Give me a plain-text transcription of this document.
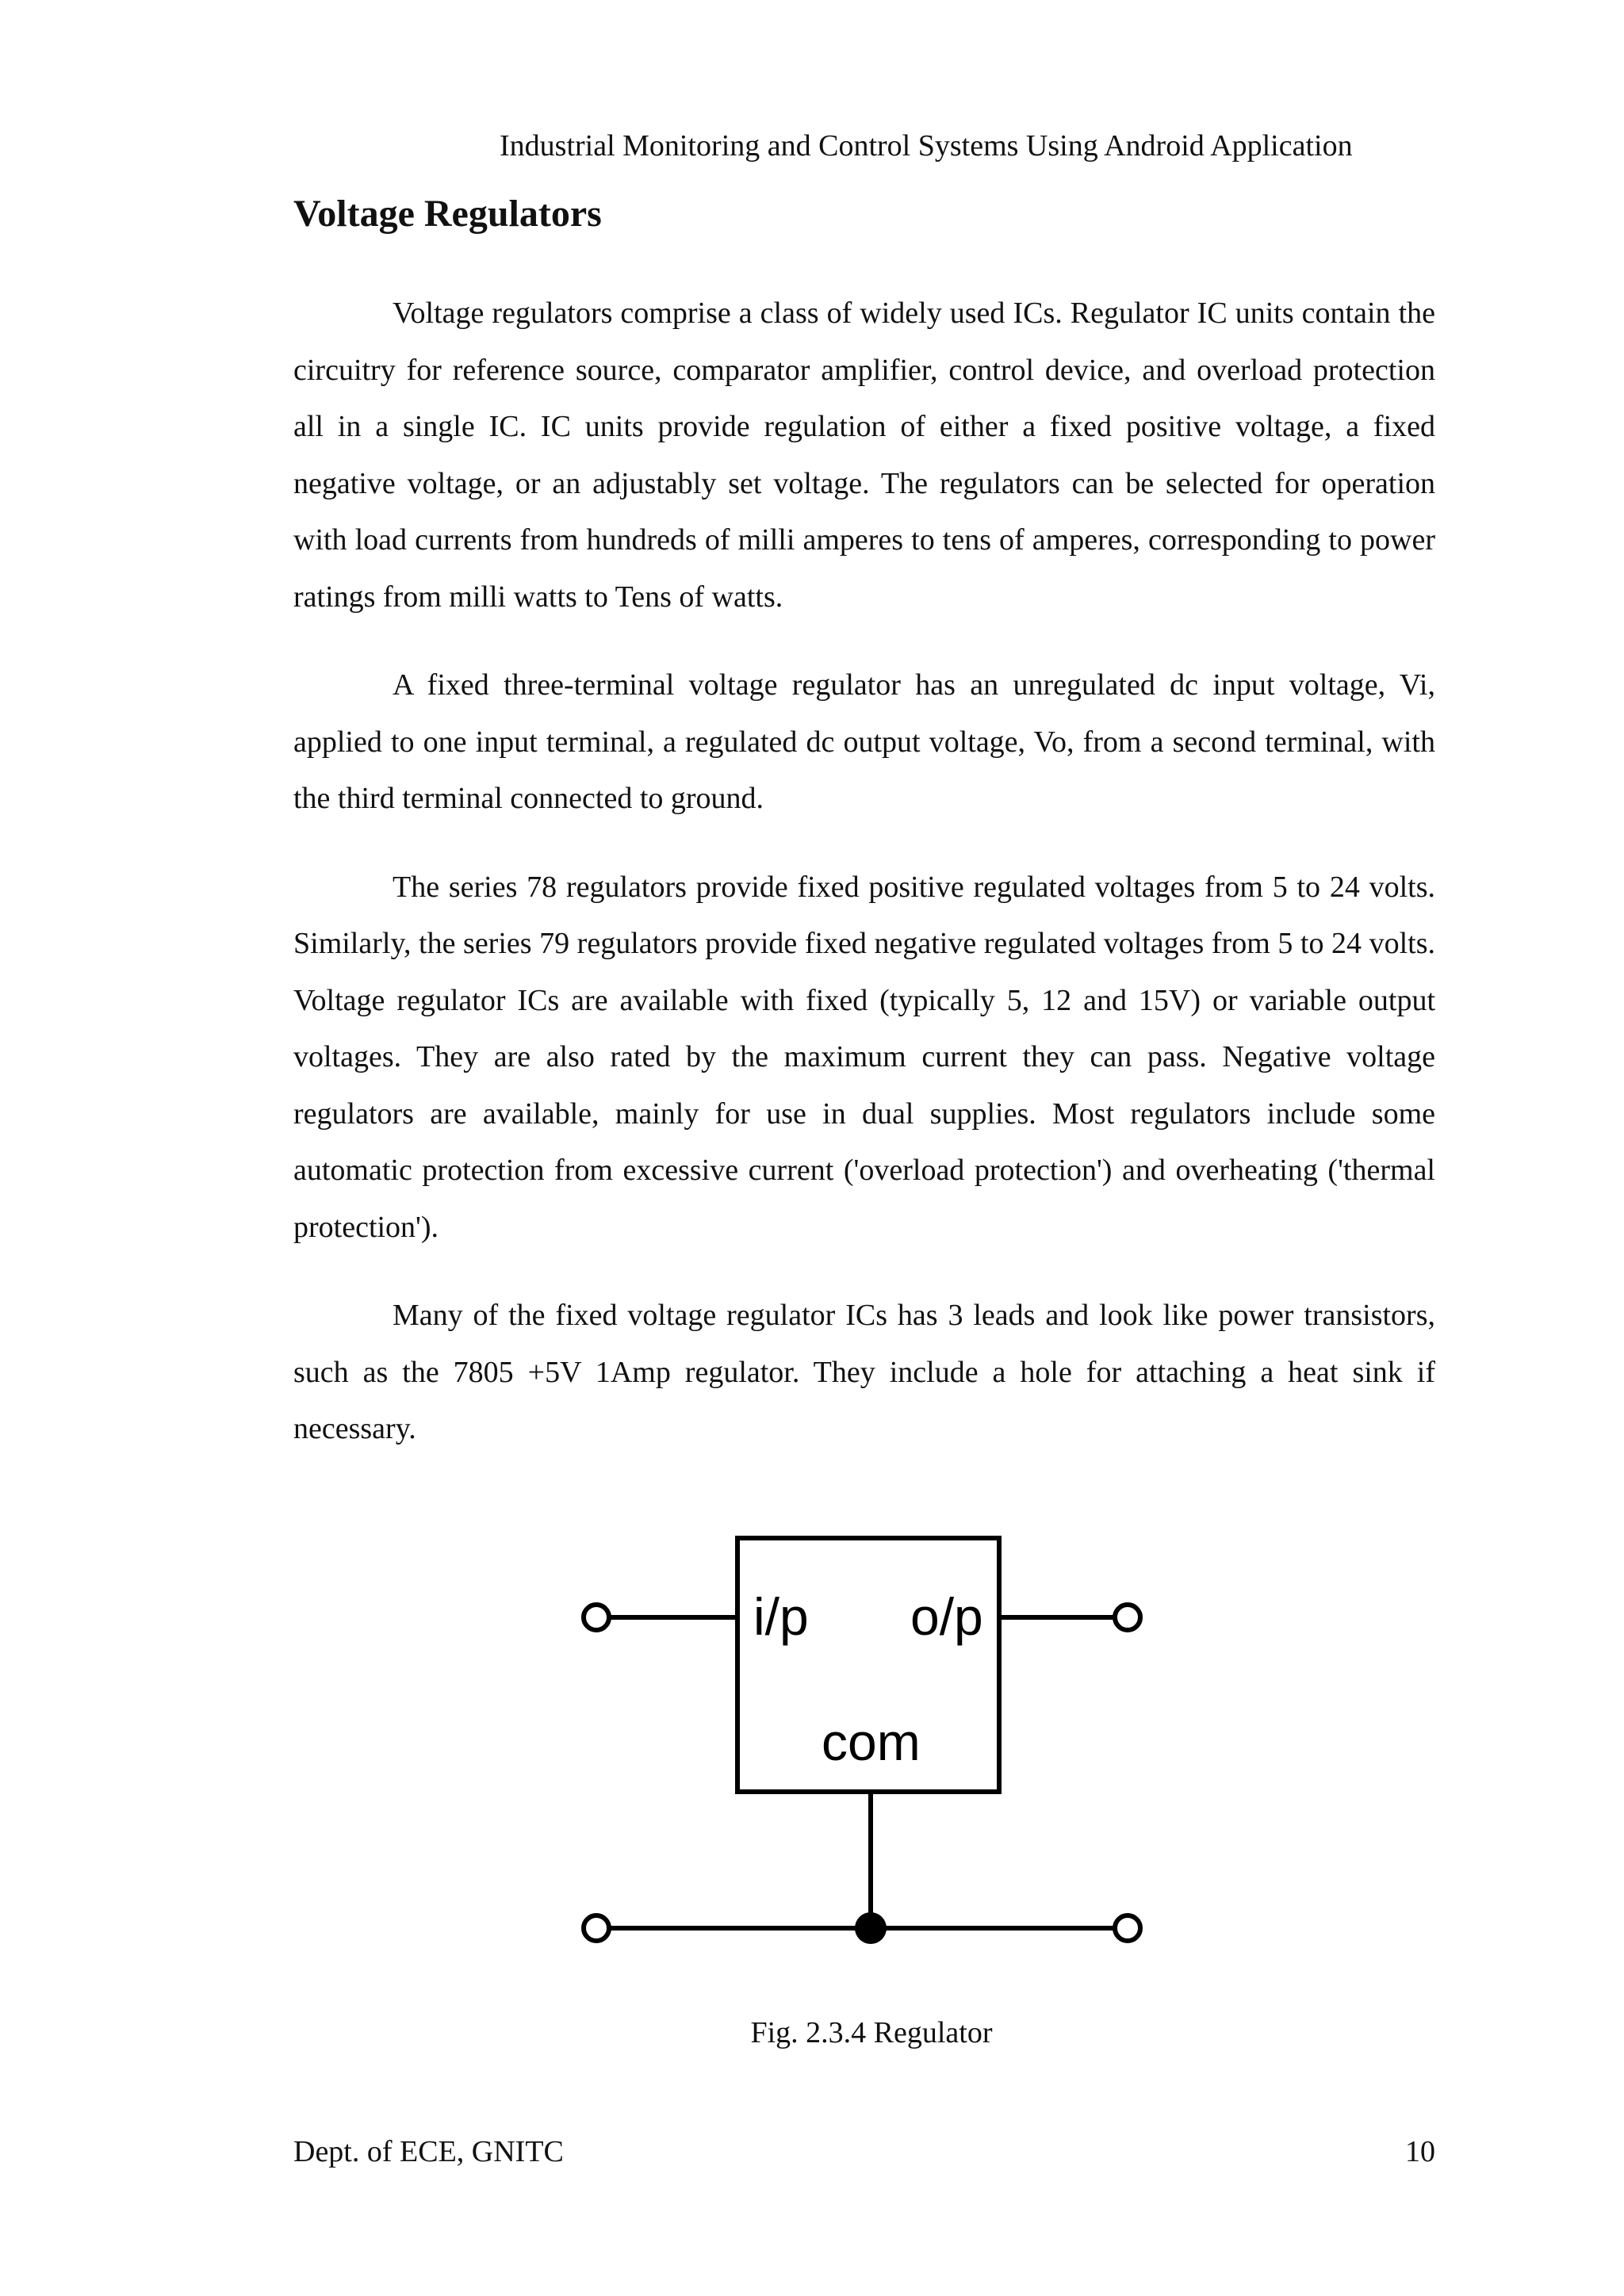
Industrial Monitoring and Control Systems Using Android Application
Voltage Regulators

Voltage regulators comprise a class of widely used ICs. Regulator IC units contain the circuitry for reference source, comparator amplifier, control device, and overload protection all in a single IC. IC units provide regulation of either a fixed positive voltage, a fixed negative voltage, or an adjustably set voltage. The regulators can be selected for operation with load currents from hundreds of milli amperes to tens of amperes, corresponding to power ratings from milli watts to Tens of watts.

A fixed three-terminal voltage regulator has an unregulated dc input voltage, Vi, applied to one input terminal, a regulated dc output voltage, Vo, from a second terminal, with the third terminal connected to ground.

The series 78 regulators provide fixed positive regulated voltages from 5 to 24 volts. Similarly, the series 79 regulators provide fixed negative regulated voltages from 5 to 24 volts. Voltage regulator ICs are available with fixed (typically 5, 12 and 15V) or variable output voltages. They are also rated by the maximum current they can pass. Negative voltage regulators are available, mainly for use in dual supplies. Most regulators include some automatic protection from excessive current ('overload protection') and overheating ('thermal protection').

Many of the fixed voltage regulator ICs has 3 leads and look like power transistors, such as the 7805 +5V 1Amp regulator. They include a hole for attaching a heat sink if necessary.

i/p o/p
com
Fig. 2.3.4 Regulator
Dept. of ECE, GNITC	10
